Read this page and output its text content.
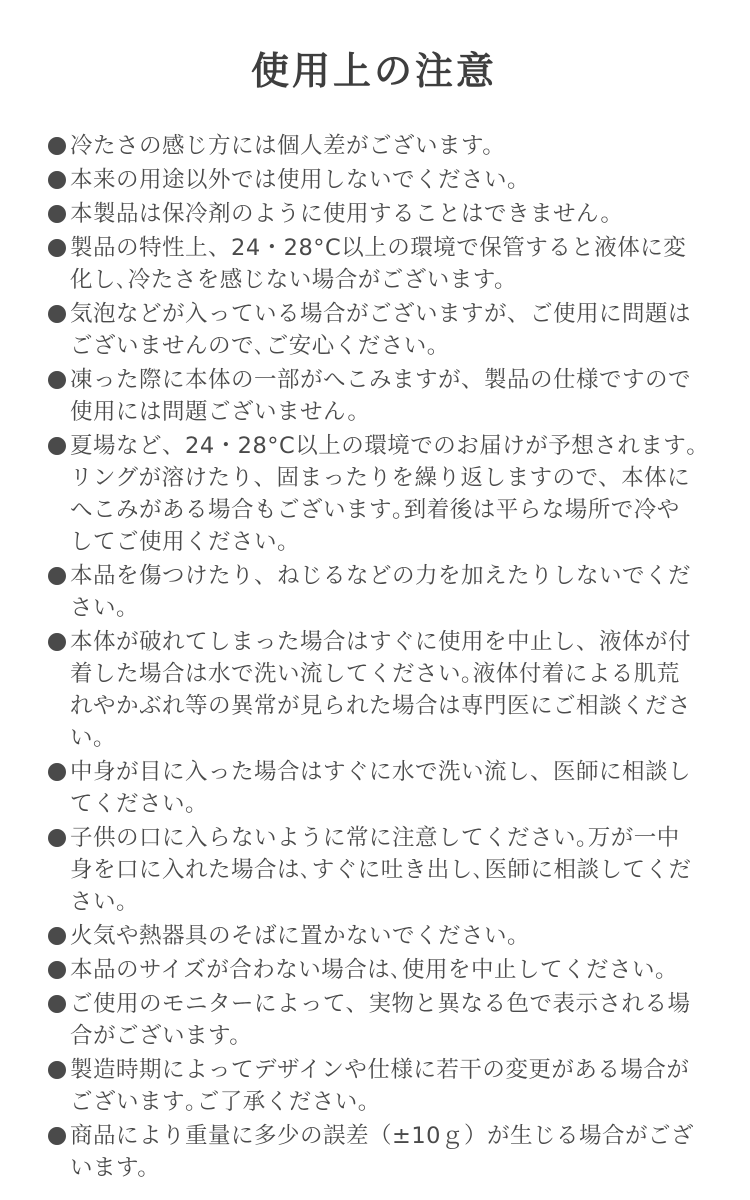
使用上の注意
冷たさの感じ方には個人差がございます。
本来の用途以外では使用しないでください。
本製品は保冷剤のように使用することはできません。
製品の特性上、24・28°C以上の環境で保管すると液体に変化し､冷たさを感じない場合がございます。
気泡などが入っている場合がございますが、ご使用に問題はございませんので､ご安心ください。
凍った際に本体の一部がへこみますが、製品の仕様ですので使用には問題ございません。
夏場など、24・28°C以上の環境でのお届けが予想されます｡リングが溶けたり、固まったりを繰り返しますので、本体にへこみがある場合もございます｡到着後は平らな場所で冷やしてご使用ください。
本品を傷つけたり、ねじるなどの力を加えたりしないでください。
本体が破れてしまった場合はすぐに使用を中止し、液体が付着した場合は水で洗い流してください｡液体付着による肌荒れやかぶれ等の異常が見られた場合は専門医にご相談ください。
中身が目に入った場合はすぐに水で洗い流し、医師に相談してください。
子供の口に入らないように常に注意してください｡万が一中身を口に入れた場合は､すぐに吐き出し､医師に相談してください。
火気や熱器具のそばに置かないでください。
本品のサイズが合わない場合は､使用を中止してください。
ご使用のモニターによって、実物と異なる色で表示される場合がございます。
製造時期によってデザインや仕様に若干の変更がある場合がございます｡ご了承ください。
商品により重量に多少の誤差（±10ｇ）が生じる場合がございます。
